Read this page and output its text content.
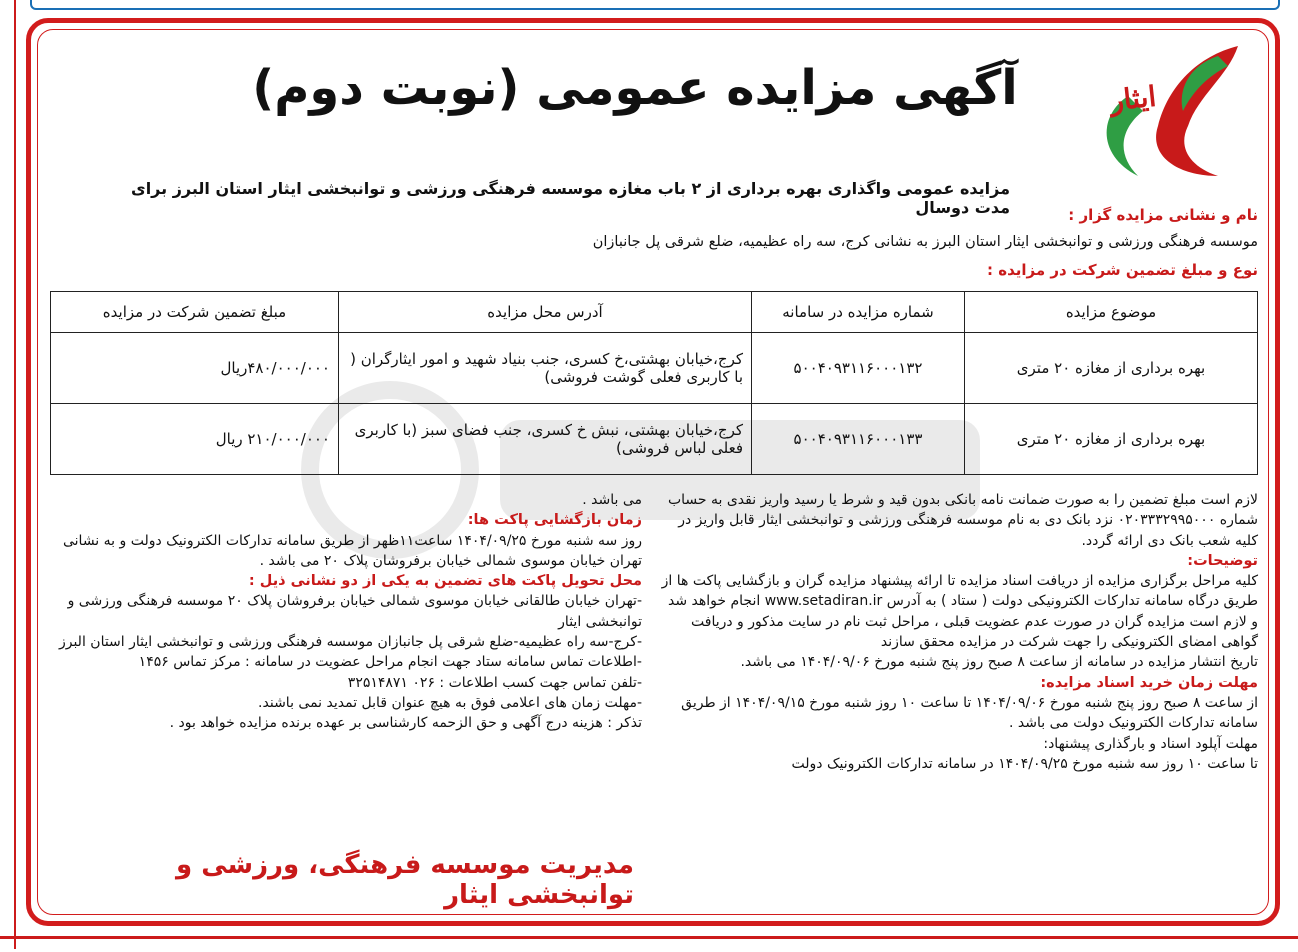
ایثار
آگهی مزایده عمومی (نوبت دوم)
مزایده عمومی واگذاری بهره برداری از ۲ باب مغازه موسسه فرهنگی ورزشی و توانبخشی ایثار استان البرز برای مدت دوسال	نام و نشانی مزایده گزار :
موسسه فرهنگی ورزشی و توانبخشی ایثار استان البرز به نشانی کرج، سه راه عظیمیه، ضلع شرقی پل جانبازان
نوع و مبلغ تضمین شرکت در مزایده :
موضوع مزایده	شماره مزایده در سامانه	آدرس محل مزایده	مبلغ تضمین شرکت در مزایده
بهره برداری از مغازه ۲۰ متری	۵۰۰۴۰۹۳۱۱۶۰۰۰۱۳۲	کرج،خیابان بهشتی،خ کسری، جنب بنیاد شهید و امور ایثارگران ( با کاربری فعلی گوشت فروشی)	۴۸۰/۰۰۰/۰۰۰ریال
بهره برداری از مغازه ۲۰ متری	۵۰۰۴۰۹۳۱۱۶۰۰۰۱۳۳	کرج،خیابان بهشتی، نبش خ کسری، جنب فضای سبز (با کاربری فعلی لباس فروشی)	۲۱۰/۰۰۰/۰۰۰ ریال

لازم است مبلغ تضمین را به صورت ضمانت نامه بانکی بدون قید و شرط یا رسید واریز نقدی به حساب شماره ۰۲۰۳۳۳۲۹۹۵۰۰۰ نزد بانک دی به نام موسسه فرهنگی ورزشی و توانبخشی ایثار قابل واریز در کلیه شعب بانک دی ارائه گردد.

توضیحات:

کلیه مراحل برگزاری مزایده از دریافت اسناد مزایده تا ارائه پیشنهاد مزایده گران و بازگشایی پاکت ها از طریق درگاه سامانه تدارکات الکترونیکی دولت ( ستاد ) به آدرس www.setadiran.ir انجام خواهد شد و لازم است مزایده گران در صورت عدم عضویت قبلی ، مراحل ثبت نام در سایت مذکور و دریافت گواهی امضای الکترونیکی را جهت شرکت در مزایده محقق سازند

تاریخ انتشار مزایده در سامانه از ساعت ۸ صبح روز پنج شنبه مورخ ۱۴۰۴/۰۹/۰۶ می باشد.

مهلت زمان خرید اسناد مزایده:

از ساعت ۸ صبح روز پنج شنبه مورخ ۱۴۰۴/۰۹/۰۶ تا ساعت ۱۰ روز شنبه مورخ ۱۴۰۴/۰۹/۱۵ از طریق سامانه تدارکات الکترونیک دولت می باشد .

مهلت آپلود اسناد و بارگذاری پیشنهاد:

تا ساعت ۱۰ روز سه شنبه مورخ ۱۴۰۴/۰۹/۲۵ در سامانه تدارکات الکترونیک دولت

می باشد .

زمان بازگشایی پاکت ها:

روز سه شنبه مورخ ۱۴۰۴/۰۹/۲۵ ساعت۱۱ظهر از طریق سامانه تدارکات الکترونیک دولت و به نشانی تهران خیابان موسوی شمالی خیابان برفروشان پلاک ۲۰ می باشد .

محل تحویل پاکت های تضمین به یکی از دو نشانی ذیل :

-تهران خیابان طالقانی خیابان موسوی شمالی خیابان برفروشان پلاک ۲۰ موسسه فرهنگی ورزشی و توانبخشی ایثار

-کرج-سه راه عظیمیه-ضلع شرقی پل جانبازان موسسه فرهنگی ورزشی و توانبخشی ایثار استان البرز

-اطلاعات تماس سامانه ستاد جهت انجام مراحل عضویت در سامانه : مرکز تماس ۱۴۵۶

-تلفن تماس جهت کسب اطلاعات : ۰۲۶ ۳۲۵۱۴۸۷۱

-مهلت زمان های اعلامی فوق به هیچ عنوان قابل تمدید نمی باشند.

تذکر : هزینه درج آگهی و حق الزحمه کارشناسی بر عهده برنده مزایده خواهد بود .

مدیریت موسسه فرهنگی، ورزشی و توانبخشی ایثار
